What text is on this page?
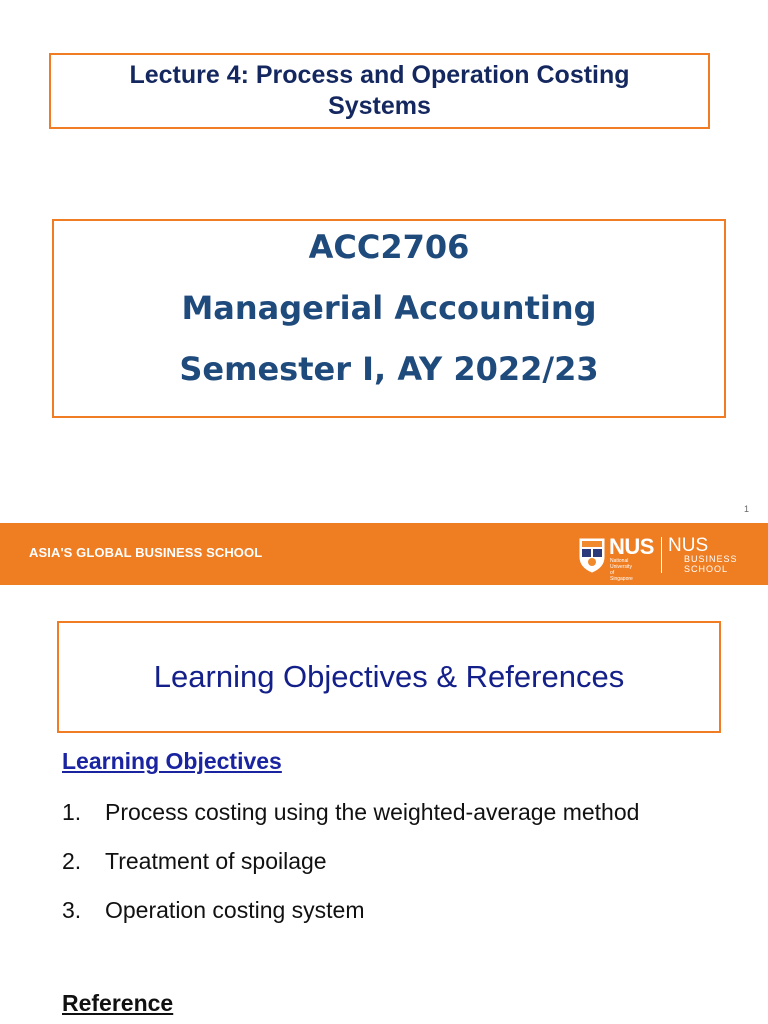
Lecture 4: Process and Operation Costing Systems
ACC2706
Managerial Accounting
Semester I, AY 2022/23
1
ASIA'S GLOBAL BUSINESS SCHOOL	NUS
National University of Singapore
NUS
BUSINESS
SCHOOL
Learning Objectives & References
Learning Objectives
1. Process costing using the weighted-average method
2. Treatment of spoilage
3. Operation costing system
Reference
